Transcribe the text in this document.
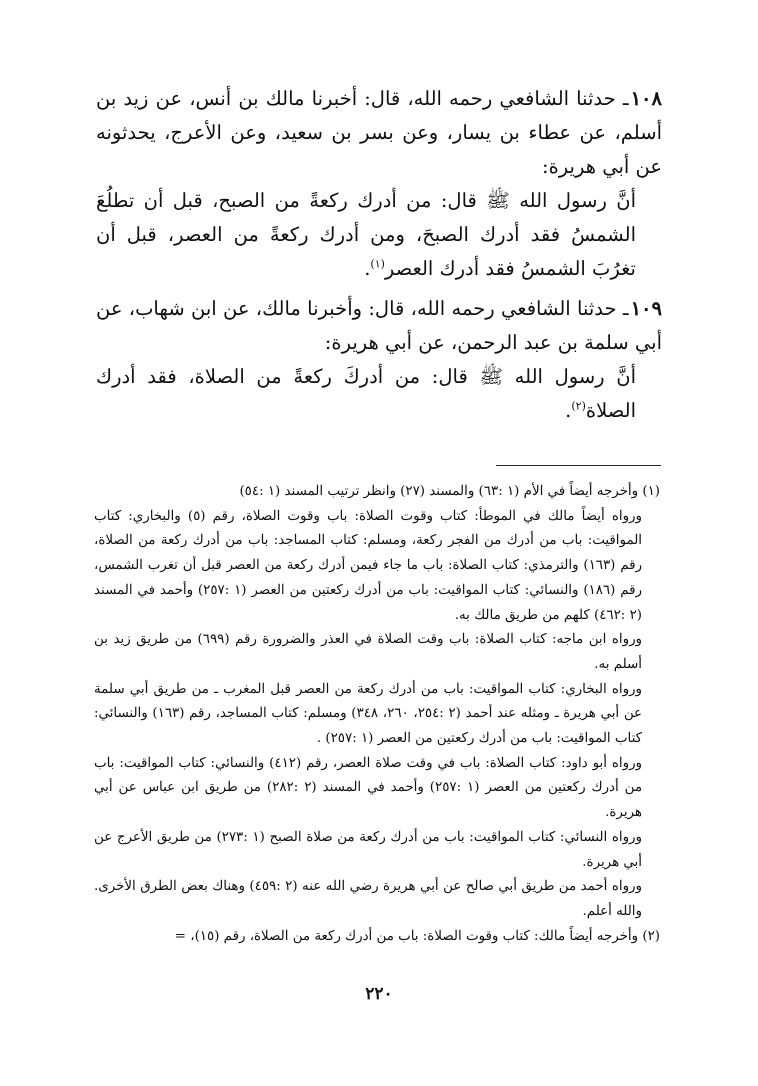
١٠٨ـ حدثنا الشافعي رحمه الله، قال: أخبرنا مالك بن أنس، عن زيد بن أسلم، عن عطاء بن يسار، وعن بسر بن سعيد، وعن الأعرج، يحدثونه عن أبي هريرة:

أنَّ رسول الله ﷺ قال: من أدرك ركعةً من الصبح، قبل أن تطلُعَ الشمسُ فقد أدرك الصبحَ، ومن أدرك ركعةً من العصر، قبل أن تغرُبَ الشمسُ فقد أدرك العصر$^{(١)}$.

١٠٩ـ حدثنا الشافعي رحمه الله، قال: وأخبرنا مالك، عن ابن شهاب، عن أبي سلمة بن عبد الرحمن، عن أبي هريرة:

أنَّ رسول الله ﷺ قال: من أدركَ ركعةً من الصلاة، فقد أدرك الصلاة$^{(٢)}$.

(١) وأخرجه أيضاً في الأم (١ :٦٣) والمسند (٢٧) وانظر ترتيب المسند (١ :٥٤)

ورواه أيضاً مالك في الموطأ: كتاب وقوت الصلاة: باب وقوت الصلاة، رقم (٥) والبخاري: كتاب المواقيت: باب من أدرك من الفجر ركعة، ومسلم: كتاب المساجد: باب من أدرك ركعة من الصلاة، رقم (١٦٣) والترمذي: كتاب الصلاة: باب ما جاء فيمن أدرك ركعة من العصر قبل أن تغرب الشمس، رقم (١٨٦) والنسائي: كتاب المواقيت: باب من أدرك ركعتين من العصر (١ :٢٥٧) وأحمد في المسند (٢ :٤٦٢) كلهم من طريق مالك به.

ورواه ابن ماجه: كتاب الصلاة: باب وقت الصلاة في العذر والضرورة رقم (٦٩٩) من طريق زيد بن أسلم به.

ورواه البخاري: كتاب المواقيت: باب من أدرك ركعة من العصر قبل المغرب ـ من طريق أبي سلمة عن أبي هريرة ـ ومثله عند أحمد (٢ :٢٥٤، ٢٦٠، ٣٤٨) ومسلم: كتاب المساجد، رقم (١٦٣) والنسائي: كتاب المواقيت: باب من أدرك ركعتين من العصر (١ :٢٥٧) .

ورواه أبو داود: كتاب الصلاة: باب في وقت صلاة العصر، رقم (٤١٢) والنسائي: كتاب المواقيت: باب من أدرك ركعتين من العصر (١ :٢٥٧) وأحمد في المسند (٢ :٢٨٢) من طريق ابن عباس عن أبي هريرة.

ورواه النسائي: كتاب المواقيت: باب من أدرك ركعة من صلاة الصبح (١ :٢٧٣) من طريق الأعرج عن أبي هريرة.

ورواه أحمد من طريق أبي صالح عن أبي هريرة رضي الله عنه (٢ :٤٥٩) وهناك بعض الطرق الأخرى. والله أعلم.

(٢) وأخرجه أيضاً مالك: كتاب وقوت الصلاة: باب من أدرك ركعة من الصلاة، رقم (١٥)، =

٢٢٠
